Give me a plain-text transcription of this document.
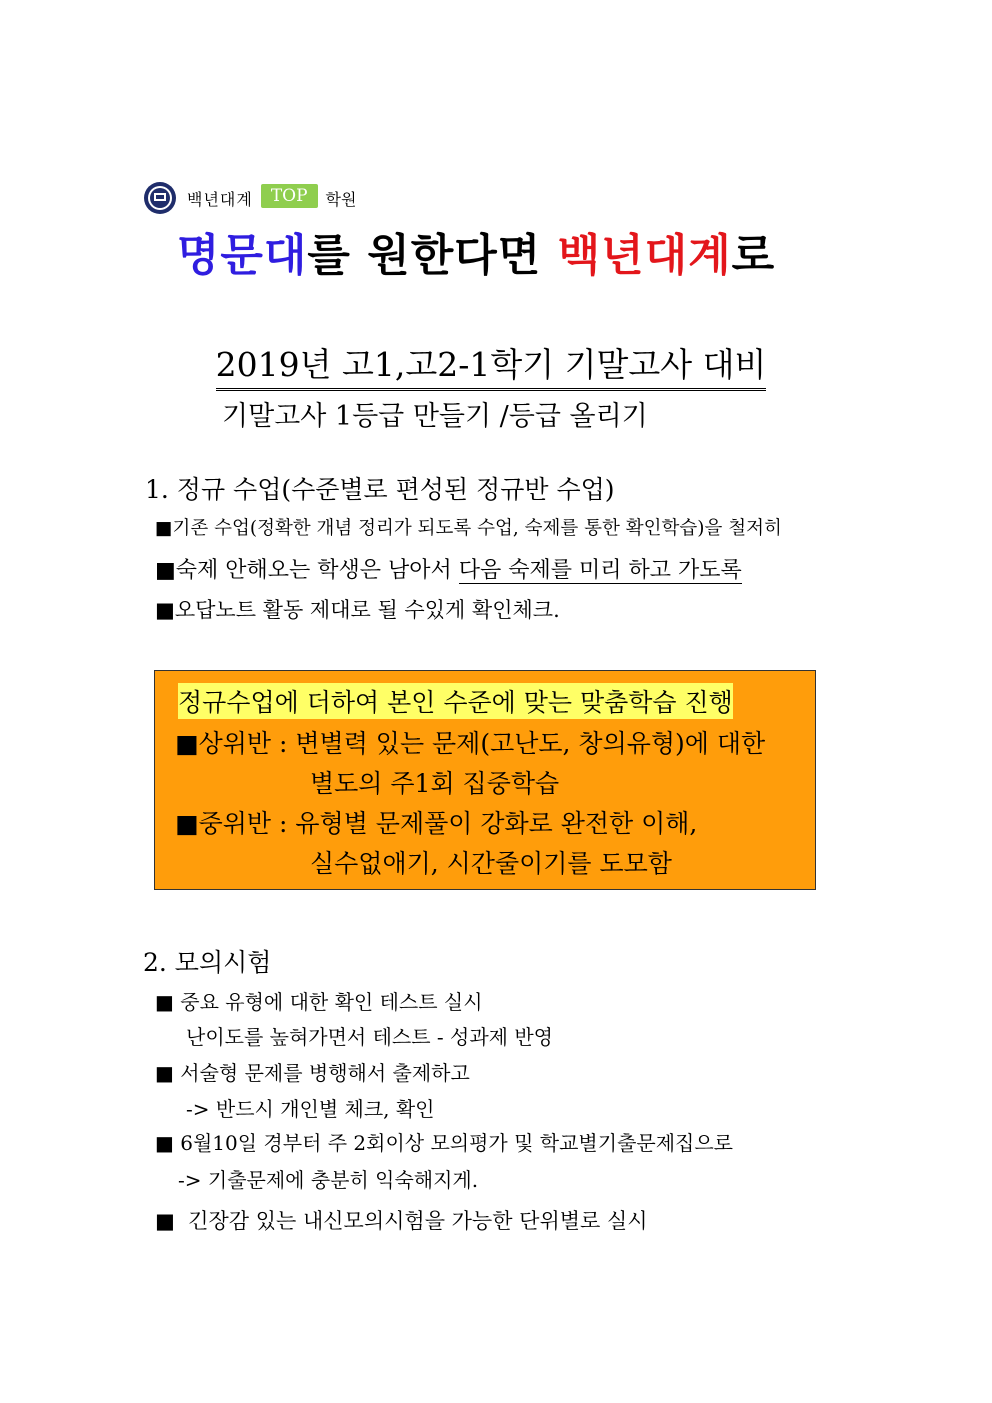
백년대계	TOP	학원
명문대를 원한다면 백년대계로
2019년 고1,고2-1학기 기말고사 대비
기말고사 1등급 만들기 /등급 올리기
1. 정규 수업(수준별로 편성된 정규반 수업)
■기존 수업(정확한 개념 정리가 되도록 수업, 숙제를 통한 확인학습)을 철저히
■숙제 안해오는 학생은 남아서 다음 숙제를 미리 하고 가도록
■오답노트 활동 제대로 될 수있게 확인체크.
정규수업에 더하여 본인 수준에 맞는 맞춤학습 진행
■상위반 : 변별력 있는 문제(고난도, 창의유형)에 대한
별도의 주1회 집중학습
■중위반 : 유형별 문제풀이 강화로 완전한 이해,
실수없애기, 시간줄이기를 도모함
2. 모의시험
■ 중요 유형에 대한 확인 테스트 실시
난이도를 높혀가면서 테스트 - 성과제 반영
■ 서술형 문제를 병행해서 출제하고
-> 반드시 개인별 체크, 확인
■ 6월10일 경부터 주 2회이상 모의평가 및 학교별기출문제집으로
-> 기출문제에 충분히 익숙해지게.
■  긴장감 있는 내신모의시험을 가능한 단위별로 실시
